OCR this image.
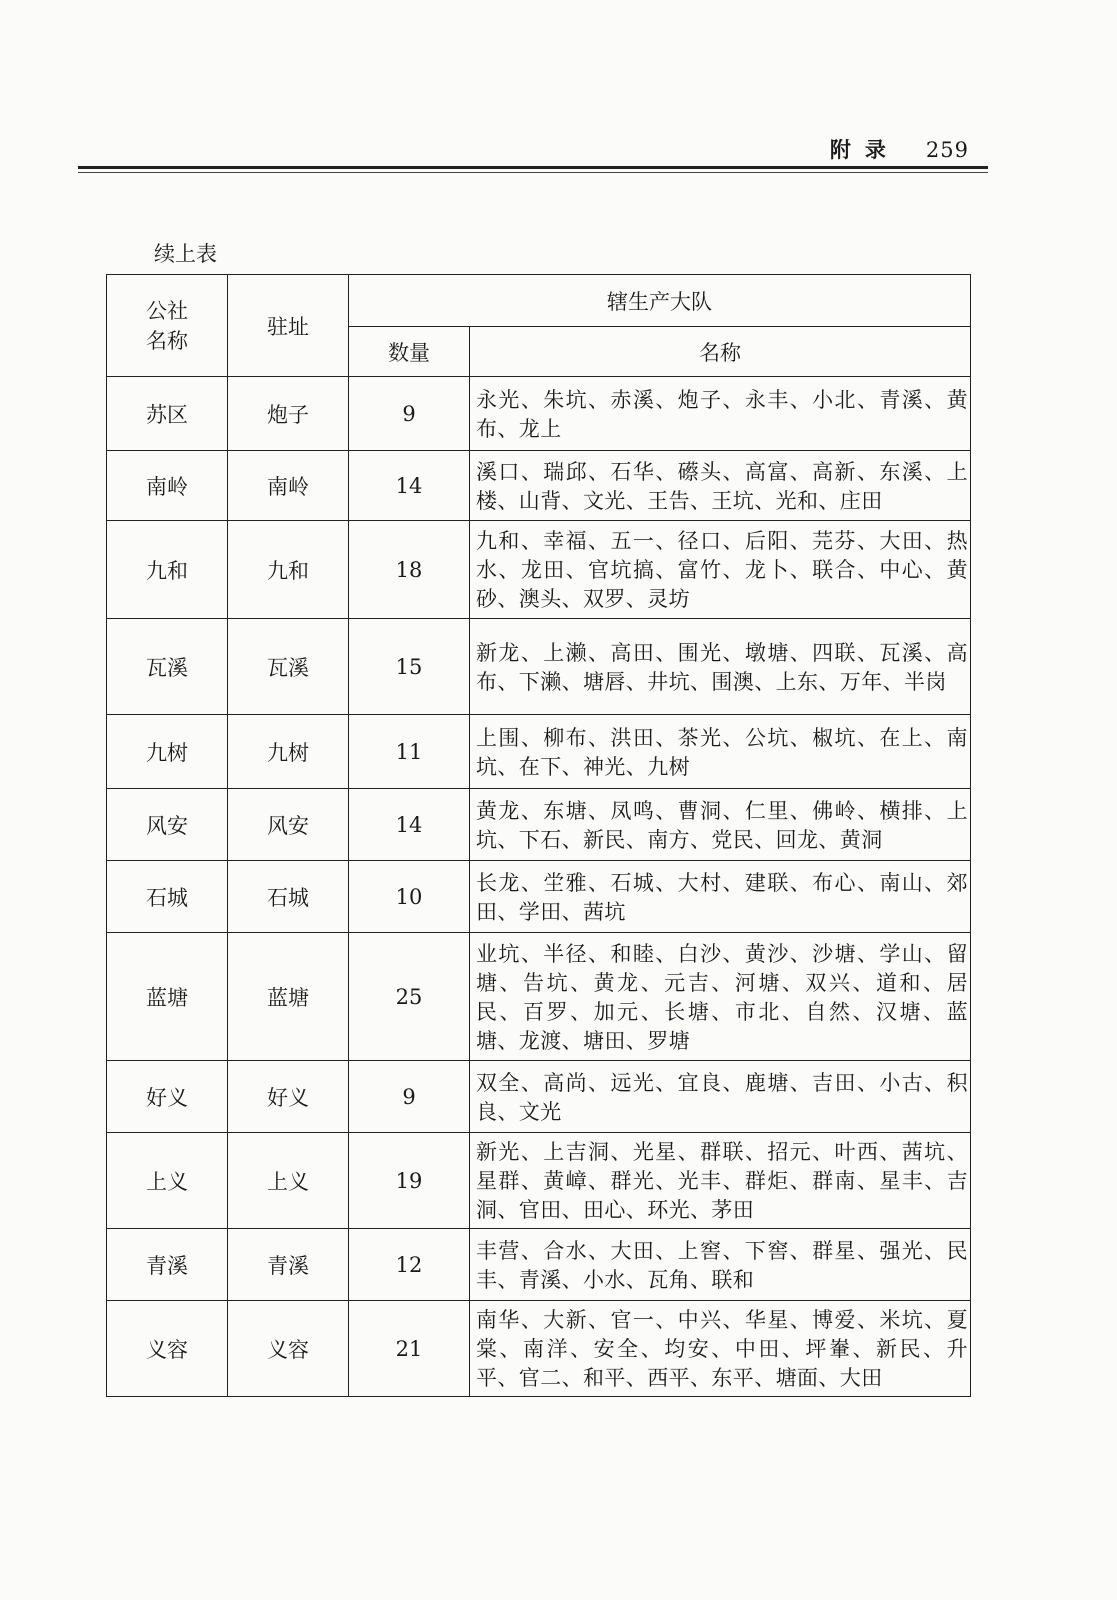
附录 259
续上表
公社名称	驻址	辖生产大队	
		数量	名称
苏区	炮子	9	永光、朱坑、赤溪、炮子、永丰、小北、青溪、黄布、龙上
南岭	南岭	14	溪口、瑞邱、石华、礤头、高富、高新、东溪、上楼、山背、文光、王告、王坑、光和、庄田
九和	九和	18	九和、幸福、五一、径口、后阳、芫芬、大田、热水、龙田、官坑搞、富竹、龙卜、联合、中心、黄砂、澳头、双罗、灵坊
瓦溪	瓦溪	15	新龙、上濑、高田、围光、墩塘、四联、瓦溪、高布、下濑、塘唇、井坑、围澳、上东、万年、半岗
九树	九树	11	上围、柳布、洪田、茶光、公坑、椒坑、在上、南坑、在下、神光、九树
风安	风安	14	黄龙、东塘、凤鸣、曹洞、仁里、佛岭、横排、上坑、下石、新民、南方、党民、回龙、黄洞
石城	石城	10	长龙、坣雅、石城、大村、建联、布心、南山、郊田、学田、茜坑
蓝塘	蓝塘	25	业坑、半径、和睦、白沙、黄沙、沙塘、学山、留塘、告坑、黄龙、元吉、河塘、双兴、道和、居民、百罗、加元、长塘、市北、自然、汉塘、蓝塘、龙渡、塘田、罗塘
好义	好义	9	双全、高尚、远光、宜良、鹿塘、吉田、小古、积良、文光
上义	上义	19	新光、上吉洞、光星、群联、招元、叶西、茜坑、星群、黄嶂、群光、光丰、群炬、群南、星丰、吉洞、官田、田心、环光、茅田
青溪	青溪	12	丰营、合水、大田、上窖、下窖、群星、强光、民丰、青溪、小水、瓦角、联和
义容	义容	21	南华、大新、官一、中兴、华星、博爱、米坑、夏棠、南洋、安全、均安、中田、坪輋、新民、升平、官二、和平、西平、东平、塘面、大田
